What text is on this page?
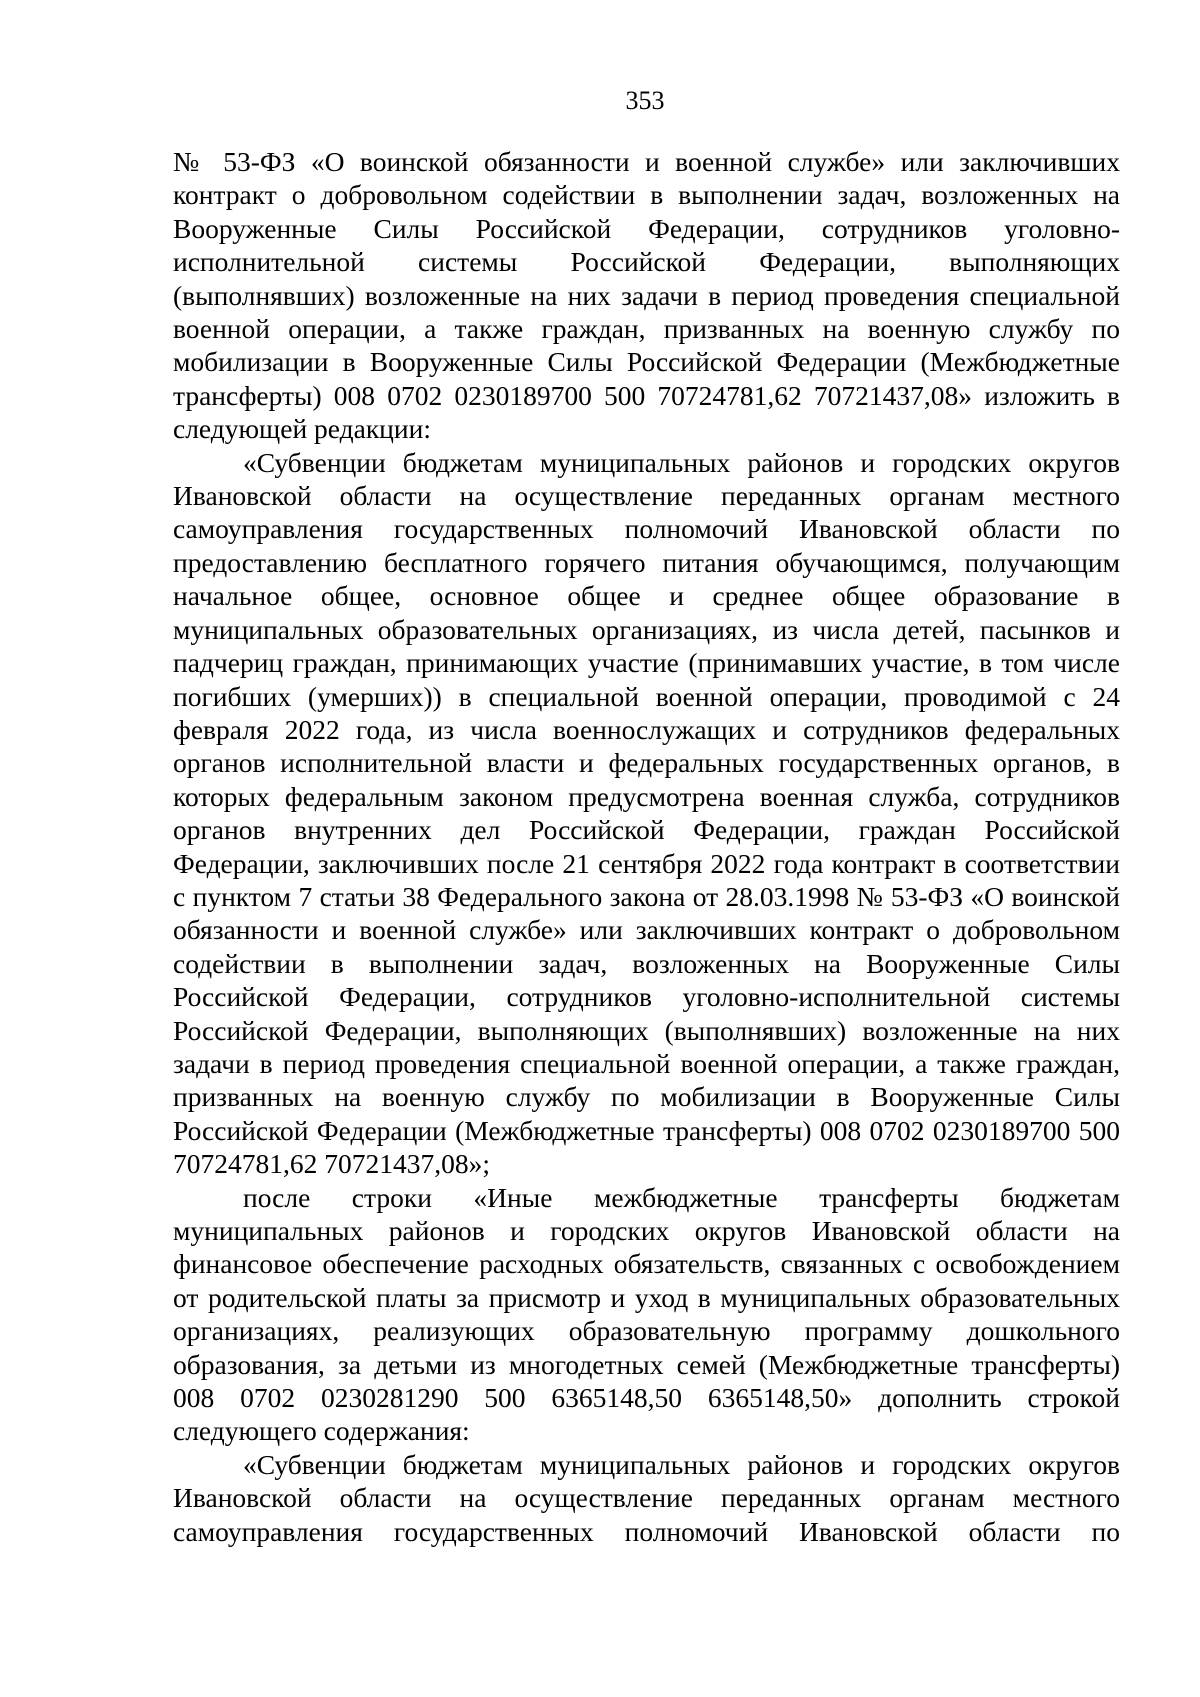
353

№ 53-ФЗ «О воинской обязанности и военной службе» или заключивших контракт о добровольном содействии в выполнении задач, возложенных на Вооруженные Силы Российской Федерации, сотрудников уголовно-исполнительной системы Российской Федерации, выполняющих (выполнявших) возложенные на них задачи в период проведения специальной военной операции, а также граждан, призванных на военную службу по мобилизации в Вооруженные Силы Российской Федерации (Межбюджетные трансферты) 008 0702 0230189700 500 70724781,62 70721437,08» изложить в следующей редакции:

«Субвенции бюджетам муниципальных районов и городских округов Ивановской области на осуществление переданных органам местного самоуправления государственных полномочий Ивановской области по предоставлению бесплатного горячего питания обучающимся, получающим начальное общее, основное общее и среднее общее образование в муниципальных образовательных организациях, из числа детей, пасынков и падчериц граждан, принимающих участие (принимавших участие, в том числе погибших (умерших)) в специальной военной операции, проводимой с 24 февраля 2022 года, из числа военнослужащих и сотрудников федеральных органов исполнительной власти и федеральных государственных органов, в которых федеральным законом предусмотрена военная служба, сотрудников органов внутренних дел Российской Федерации, граждан Российской Федерации, заключивших после 21 сентября 2022 года контракт в соответствии с пунктом 7 статьи 38 Федерального закона от 28.03.1998 № 53-ФЗ «О воинской обязанности и военной службе» или заключивших контракт о добровольном содействии в выполнении задач, возложенных на Вооруженные Силы Российской Федерации, сотрудников уголовно-исполнительной системы Российской Федерации, выполняющих (выполнявших) возложенные на них задачи в период проведения специальной военной операции, а также граждан, призванных на военную службу по мобилизации в Вооруженные Силы Российской Федерации (Межбюджетные трансферты) 008 0702 0230189700 500 70724781,62 70721437,08»;

после строки «Иные межбюджетные трансферты бюджетам муниципальных районов и городских округов Ивановской области на финансовое обеспечение расходных обязательств, связанных с освобождением от родительской платы за присмотр и уход в муниципальных образовательных организациях, реализующих образовательную программу дошкольного образования, за детьми из многодетных семей (Межбюджетные трансферты) 008 0702 0230281290 500 6365148,50 6365148,50» дополнить строкой следующего содержания:

«Субвенции бюджетам муниципальных районов и городских округов Ивановской области на осуществление переданных органам местного самоуправления государственных полномочий Ивановской области по
